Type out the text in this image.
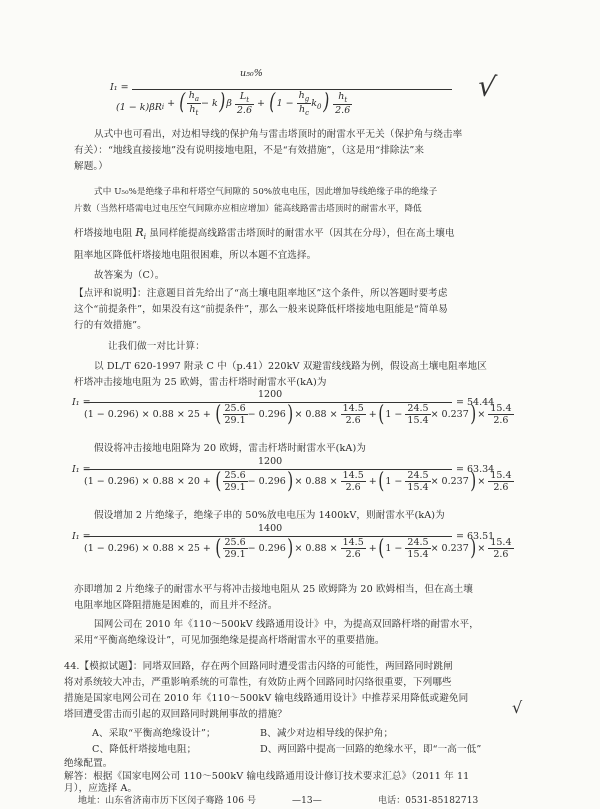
I₁ =
u₅₀%
$(1 - k)\beta R_i$ + ( $\frac{h_a}{h_t} - k)\beta \frac{L_t}{2.6} + (1 - \frac{h_g}{h_c} k_0) \frac{h_t}{2.6}$	√
从式中也可看出，对边相导线的保护角与雷击塔顶时的耐雷水平无关（保护角与绕击率
有关）：“地线直接接地”没有说明接地电阻，不是“有效措施”，（这是用“排除法”来
解题。）
式中 U₅₀%是绝缘子串和杆塔空气间隙的 50%放电电压，因此增加导线绝缘子串的绝缘子
片数（当然杆塔需电过电压空气间隙亦应相应增加）能高线路雷击塔顶时的耐雷水平，降低
杆塔接地电阻 $R_i$ 虽同样能提高线路雷击塔顶时的耐雷水平（因其在分母），但在高土壤电
阻率地区降低杆塔接地电阻很困难，所以本题不宜选择。
故答案为（C）。
【点评和说明】：注意题目首先给出了“高土壤电阻率地区”这个条件，所以答题时要考虑
这个“前提条件”，如果没有这“前提条件”，那么一般来说降低杆塔接地电阻能是“简单易
行的有效措施”。
让我们做一对比计算：
以 DL/T 620-1997 附录 C 中（p.41）220kV 双避雷线线路为例，假设高土壤电阻率地区
杆塔冲击接地电阻为 25 欧姆，雷击杆塔时耐雷水平(kA)为
I₁ =
1200
(1 − 0.296) × 0.88 × 25 + ( $\frac{25.6}{29.1} - 0.296)\times 0.88 \times \frac{14.5}{2.6} +(1 - \frac{24.5}{15.4} \times 0.237)\times \frac{15.4}{2.6}$
= 54.44
假设将冲击接地电阻降为 20 欧姆，雷击杆塔时耐雷水平(kA)为
I₁ =
1200
(1 − 0.296) × 0.88 × 20 + ( $\frac{25.6}{29.1} - 0.296)\times 0.88 \times \frac{14.5}{2.6} +(1 - \frac{24.5}{15.4} \times 0.237)\times \frac{15.4}{2.6}$
= 63.34
假设增加 2 片绝缘子，绝缘子串的 50%放电电压为 1400kV，则耐雷水平(kA)为
I₁ =
1400
(1 − 0.296) × 0.88 × 25 + ( $\frac{25.6}{29.1} - 0.296)\times 0.88 \times \frac{14.5}{2.6} +(1 - \frac{24.5}{15.4} \times 0.237)\times \frac{15.4}{2.6}$
= 63.51
亦即增加 2 片绝缘子的耐雷水平与将冲击接地电阻从 25 欧姆降为 20 欧姆相当，但在高土壤
电阻率地区降阻措施是困难的，而且并不经济。
国网公司在 2010 年《110～500kV 线路通用设计》中，为提高双回路杆塔的耐雷水平，
采用“平衡高绝缘设计”，可见加强绝缘是提高杆塔耐雷水平的重要措施。
44.【模拟试题】：同塔双回路，存在两个回路同时遭受雷击闪络的可能性，两回路同时跳闸
将对系统较大冲击，严重影响系统的可靠性，有效防止两个回路同时闪络很重要，下列哪些
措施是国家电网公司在 2010 年《110～500kV 输电线路通用设计》中推荐采用降低或避免同
塔回遭受雷击而引起的双回路同时跳闸事故的措施？	√
A、采取“平衡高绝缘设计”；	B、减少对边相导线的保护角；
C、降低杆塔接地电阻；	D、两回路中提高一回路的绝缘水平，即“一高一低”
绝缘配置。
解答：根据《国家电网公司 110～500kV 输电线路通用设计修订技术要求汇总》（2011 年 11
月），应选择 A。
地址：山东省济南市历下区闵子骞路 106 号	—13—	电话：0531-85182713
